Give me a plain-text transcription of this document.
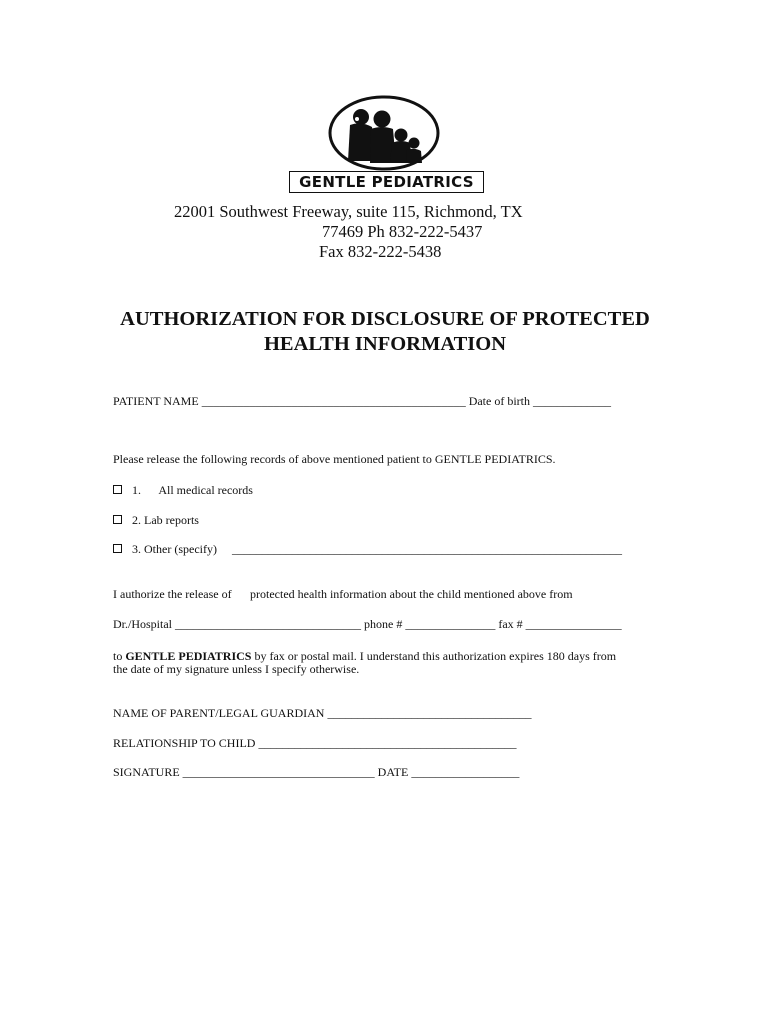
GENTLE PEDIATRICS
22001 Southwest Freeway, suite 115, Richmond, TX
77469 Ph 832-222-5437
Fax 832-222-5438
AUTHORIZATION FOR DISCLOSURE OF PROTECTED
HEALTH INFORMATION
PATIENT NAME ____________________________________________ Date of birth _____________
Please release the following records of above mentioned patient to GENTLE PEDIATRICS.
1. All medical records
2. Lab reports
3. Other (specify) _________________________________________________________________
I authorize the release of protected health information about the child mentioned above from
Dr./Hospital _______________________________ phone # _______________ fax # ________________
to GENTLE PEDIATRICS by fax or postal mail. I understand this authorization expires 180 days from
the date of my signature unless I specify otherwise.
NAME OF PARENT/LEGAL GUARDIAN __________________________________
RELATIONSHIP TO CHILD ___________________________________________
SIGNATURE ________________________________ DATE __________________
